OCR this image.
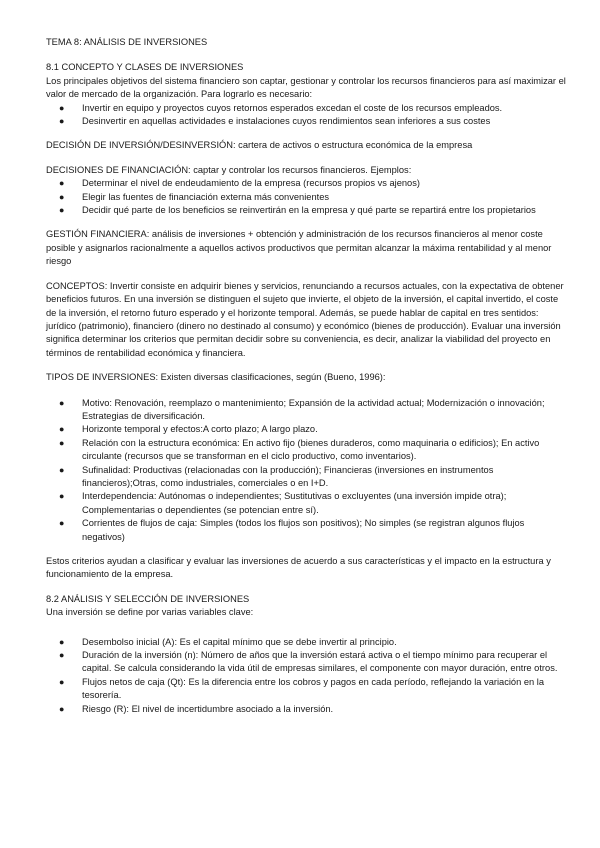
TEMA 8: ANÁLISIS DE INVERSIONES

8.1 CONCEPTO Y CLASES DE INVERSIONES

Los principales objetivos del sistema financiero son captar, gestionar y controlar los recursos financieros para así maximizar el valor de mercado de la organización. Para lograrlo es necesario:

● Invertir en equipo y proyectos cuyos retornos esperados excedan el coste de los recursos empleados.
● Desinvertir en aquellas actividades e instalaciones cuyos rendimientos sean inferiores a sus costes

DECISIÓN DE INVERSIÓN/DESINVERSIÓN: cartera de activos o estructura económica de la empresa

DECISIONES DE FINANCIACIÓN: captar y controlar los recursos financieros. Ejemplos:

● Determinar el nivel de endeudamiento de la empresa (recursos propios vs ajenos)
● Elegir las fuentes de financiación externa más convenientes
● Decidir qué parte de los beneficios se reinvertirán en la empresa y qué parte se repartirá entre los propietarios

GESTIÓN FINANCIERA: análisis de inversiones + obtención y administración de los recursos financieros al menor coste posible y asignarlos racionalmente a aquellos activos productivos que permitan alcanzar la máxima rentabilidad y al menor riesgo

CONCEPTOS: Invertir consiste en adquirir bienes y servicios, renunciando a recursos actuales, con la expectativa de obtener beneficios futuros. En una inversión se distinguen el sujeto que invierte, el objeto de la inversión, el capital invertido, el coste de la inversión, el retorno futuro esperado y el horizonte temporal. Además, se puede hablar de capital en tres sentidos: jurídico (patrimonio), financiero (dinero no destinado al consumo) y económico (bienes de producción). Evaluar una inversión significa determinar los criterios que permitan decidir sobre su conveniencia, es decir, analizar la viabilidad del proyecto en términos de rentabilidad económica y financiera.

TIPOS DE INVERSIONES: Existen diversas clasificaciones, según (Bueno, 1996):

● Motivo: Renovación, reemplazo o mantenimiento; Expansión de la actividad actual; Modernización o innovación; Estrategias de diversificación.
● Horizonte temporal y efectos:A corto plazo; A largo plazo.
● Relación con la estructura económica: En activo fijo (bienes duraderos, como maquinaria o edificios); En activo circulante (recursos que se transforman en el ciclo productivo, como inventarios).
● Sufinalidad: Productivas (relacionadas con la producción); Financieras (inversiones en instrumentos financieros);Otras, como industriales, comerciales o en I+D.
● Interdependencia: Autónomas o independientes; Sustitutivas o excluyentes (una inversión impide otra); Complementarias o dependientes (se potencian entre sí).
● Corrientes de flujos de caja: Simples (todos los flujos son positivos); No simples (se registran algunos flujos negativos)

Estos criterios ayudan a clasificar y evaluar las inversiones de acuerdo a sus características y el impacto en la estructura y funcionamiento de la empresa.

8.2 ANÁLISIS Y SELECCIÓN DE INVERSIONES

Una inversión se define por varias variables clave:

● Desembolso inicial (A): Es el capital mínimo que se debe invertir al principio.
● Duración de la inversión (n): Número de años que la inversión estará activa o el tiempo mínimo para recuperar el capital. Se calcula considerando la vida útil de empresas similares, el componente con mayor duración, entre otros.
● Flujos netos de caja (Qt): Es la diferencia entre los cobros y pagos en cada período, reflejando la variación en la tesorería.
● Riesgo (R): El nivel de incertidumbre asociado a la inversión.
